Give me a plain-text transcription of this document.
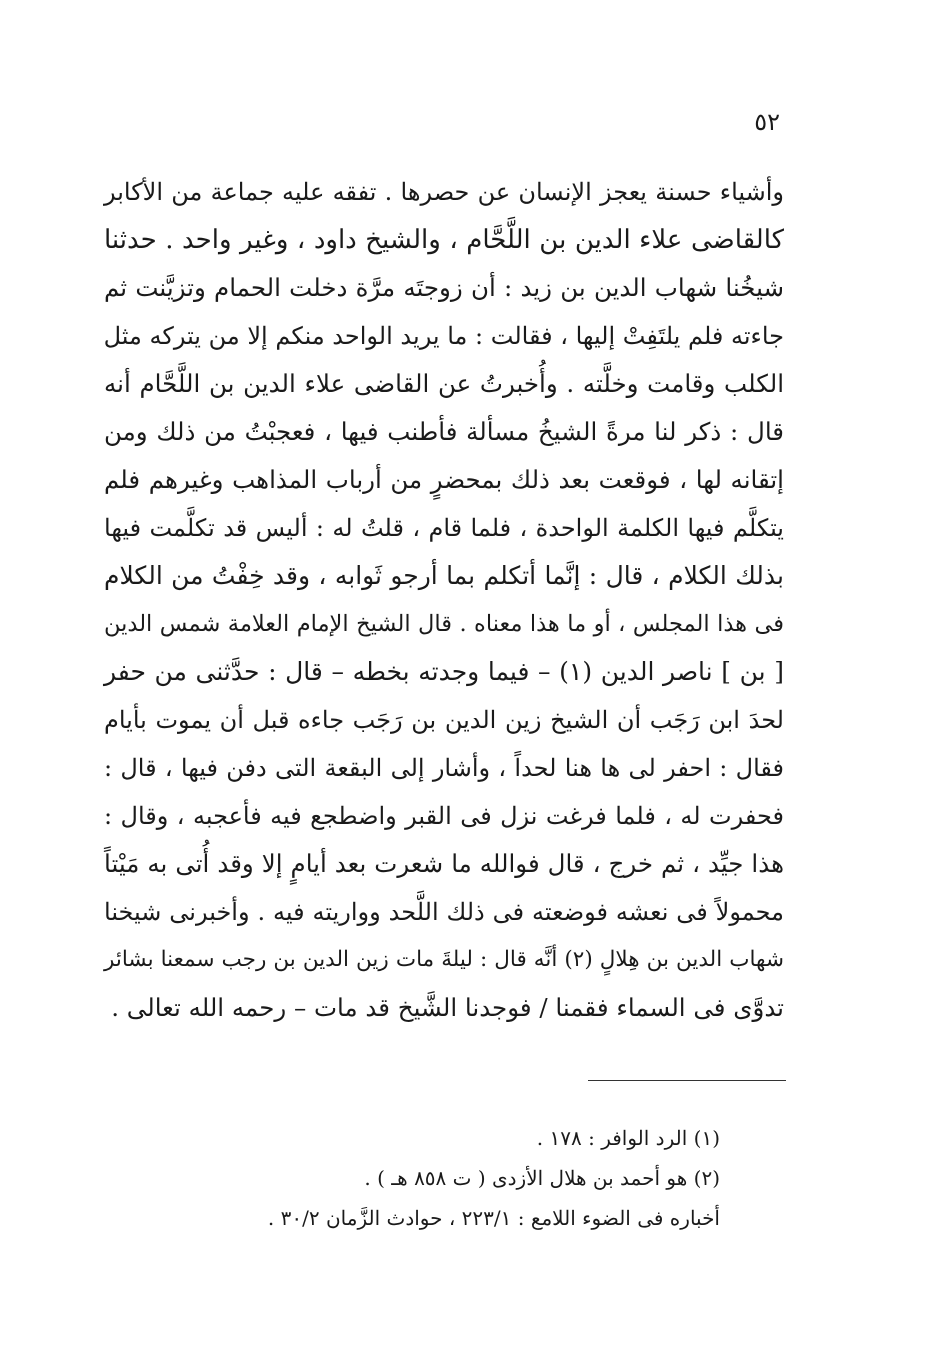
٥٢
وأشياء حسنة يعجز الإنسان عن حصرها . تفقه عليه جماعة من الأكابر
كالقاضى علاء الدين بن اللَّحَّام ، والشيخ داود ، وغير واحد . حدثنا
شيخُنا شهاب الدين بن زيد : أن زوجتَه مرَّة دخلت الحمام وتزيَّنت ثم
جاءته فلم يلتَفِتْ إليها ، فقالت : ما يريد الواحد منكم إلا من يتركه مثل
الكلب وقامت وخلَّته . وأُخبرتُ عن القاضى علاء الدين بن اللَّحَّام أنه
قال : ذكر لنا مرةً الشيخُ مسألة فأطنب فيها ، فعجبْتُ من ذلك ومن
إتقانه لها ، فوقعت بعد ذلك بمحضرٍ من أرباب المذاهب وغيرهم فلم
يتكلَّم فيها الكلمة الواحدة ، فلما قام ، قلتُ له : أليس قد تكلَّمت فيها
بذلك الكلام ، قال : إنَّما أتكلم بما أرجو ثَوابه ، وقد خِفْتُ من الكلام
فى هذا المجلس ، أو ما هذا معناه . قال الشيخ الإمام العلامة شمس الدين
[ بن ] ناصر الدين (١) – فيما وجدته بخطه – قال : حدَّثنى من حفر
لحدَ ابن رَجَب أن الشيخ زين الدين بن رَجَب جاءه قبل أن يموت بأيام
فقال : احفر لى ها هنا لحداً ، وأشار إلى البقعة التى دفن فيها ، قال :
فحفرت له ، فلما فرغت نزل فى القبر واضطجع فيه فأعجبه ، وقال :
هذا جيِّد ، ثم خرج ، قال فوالله ما شعرت بعد أيامٍ إلا وقد أُتى به مَيْتاً
محمولاً فى نعشه فوضعته فى ذلك اللَّحد وواريته فيه . وأخبرنى شيخنا
شهاب الدين بن هِلالٍ (٢) أنَّه قال : ليلةَ مات زين الدين بن رجب سمعنا بشائر
تدوَّى فى السماء فقمنا / فوجدنا الشَّيخ قد مات – رحمه الله تعالى .
(١) الرد الوافر : ١٧٨ .
(٢) هو أحمد بن هلال الأزدى ( ت ٨٥٨ هـ ) .
أخباره فى الضوء اللامع : ٢٢٣/١ ، حوادث الزَّمان ٣٠/٢ .
